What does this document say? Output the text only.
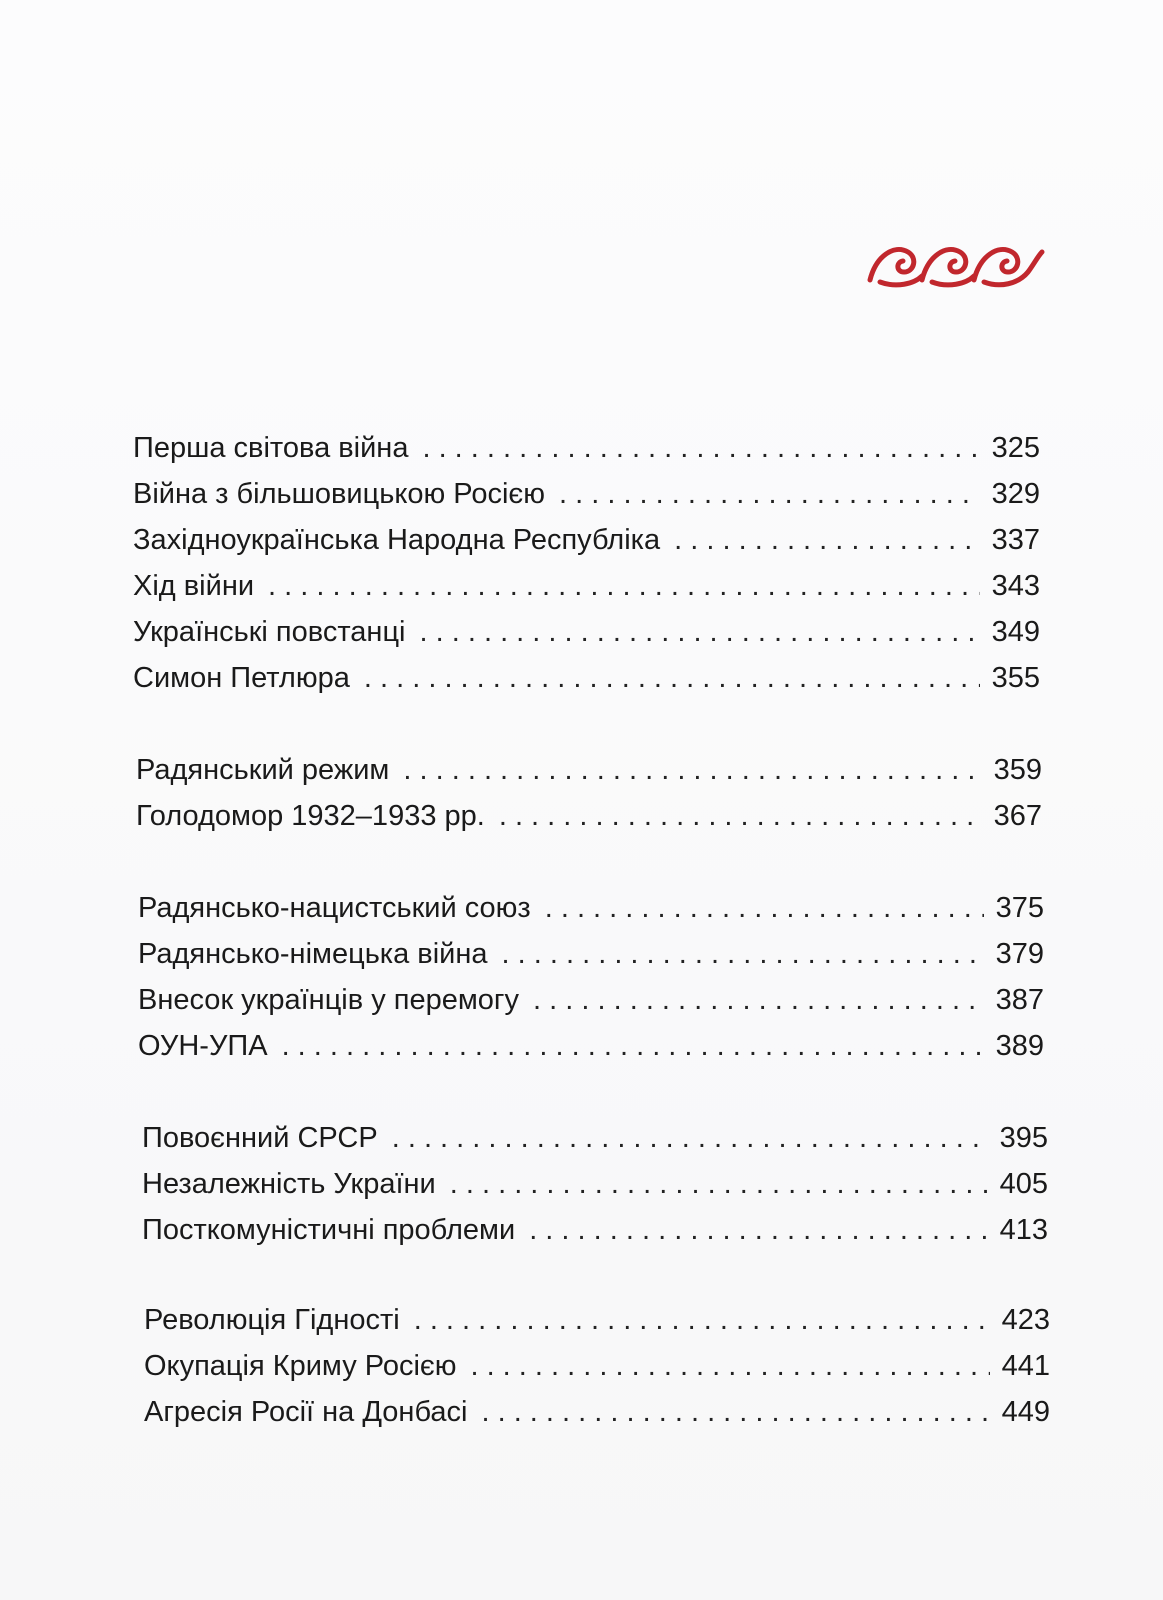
Перша світова війна . . .	325
Війна з більшовицькою Росією . . .	329
Західноукраїнська Народна Республіка . . .	337
Хід війни . . .	343
Українські повстанці . . .	349
Симон Петлюра . . .	355
Радянський режим . . .	359
Голодомор 1932–1933 рр. . . .	367
Радянсько-нацистський союз . . .	375
Радянсько-німецька війна . . .	379
Внесок українців у перемогу . . .	387
ОУН-УПА . . .	389
Повоєнний СРСР . . .	395
Незалежність України . . .	405
Посткомуністичні проблеми . . .	413
Революція Гідності . . .	423
Окупація Криму Росією . . .	441
Агресія Росії на Донбасі . . .	449
